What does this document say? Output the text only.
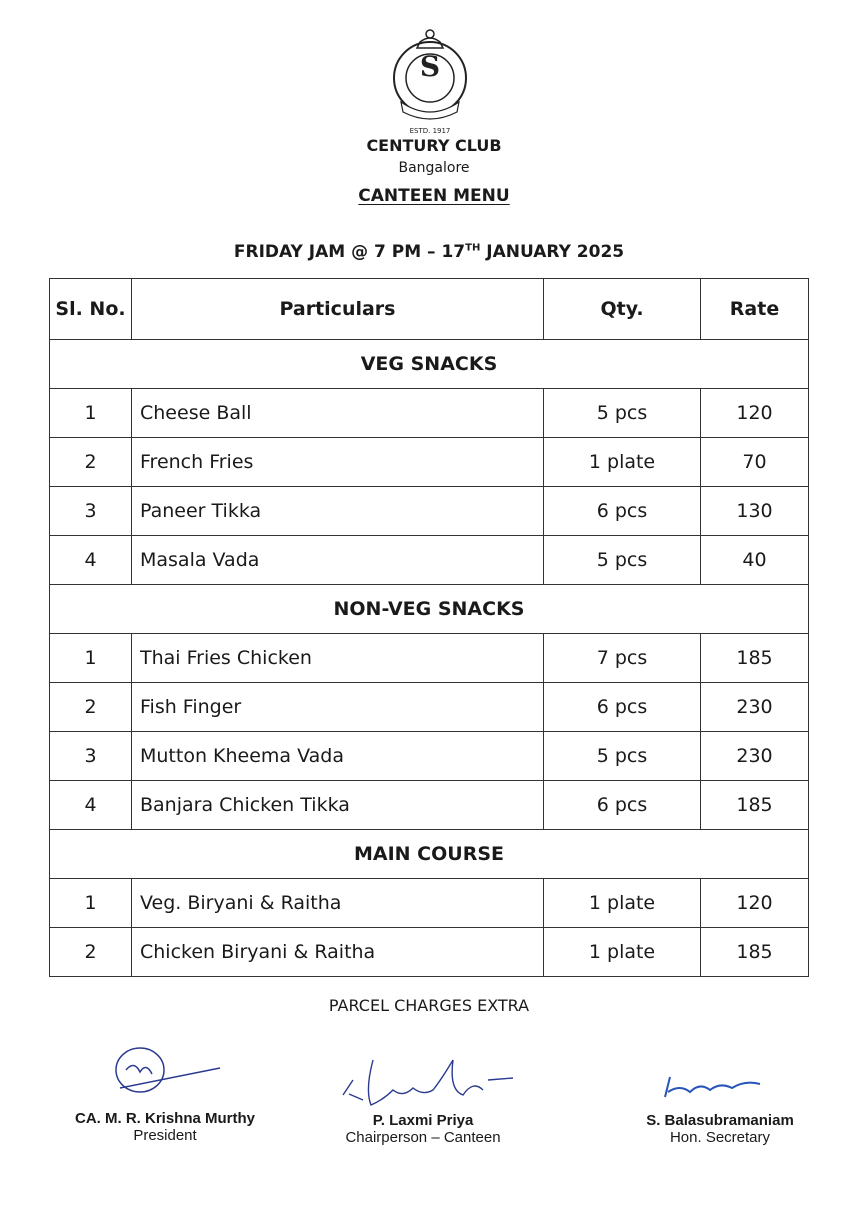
S
ESTD. 1917
CENTURY CLUB
Bangalore
CANTEEN MENU
FRIDAY JAM @ 7 PM – 17TH JANUARY 2025
Sl. No.	Particulars	Qty.	Rate
VEG SNACKS			
1	Cheese Ball	5 pcs	120
2	French Fries	1 plate	70
3	Paneer Tikka	6 pcs	130
4	Masala Vada	5 pcs	40
NON-VEG SNACKS			
1	Thai Fries Chicken	7 pcs	185
2	Fish Finger	6 pcs	230
3	Mutton Kheema Vada	5 pcs	230
4	Banjara Chicken Tikka	6 pcs	185
MAIN COURSE			
1	Veg. Biryani & Raitha	1 plate	120
2	Chicken Biryani & Raitha	1 plate	185
PARCEL CHARGES EXTRA
CA. M. R. Krishna Murthy
President
P. Laxmi Priya
Chairperson – Canteen
S. Balasubramaniam
Hon. Secretary
